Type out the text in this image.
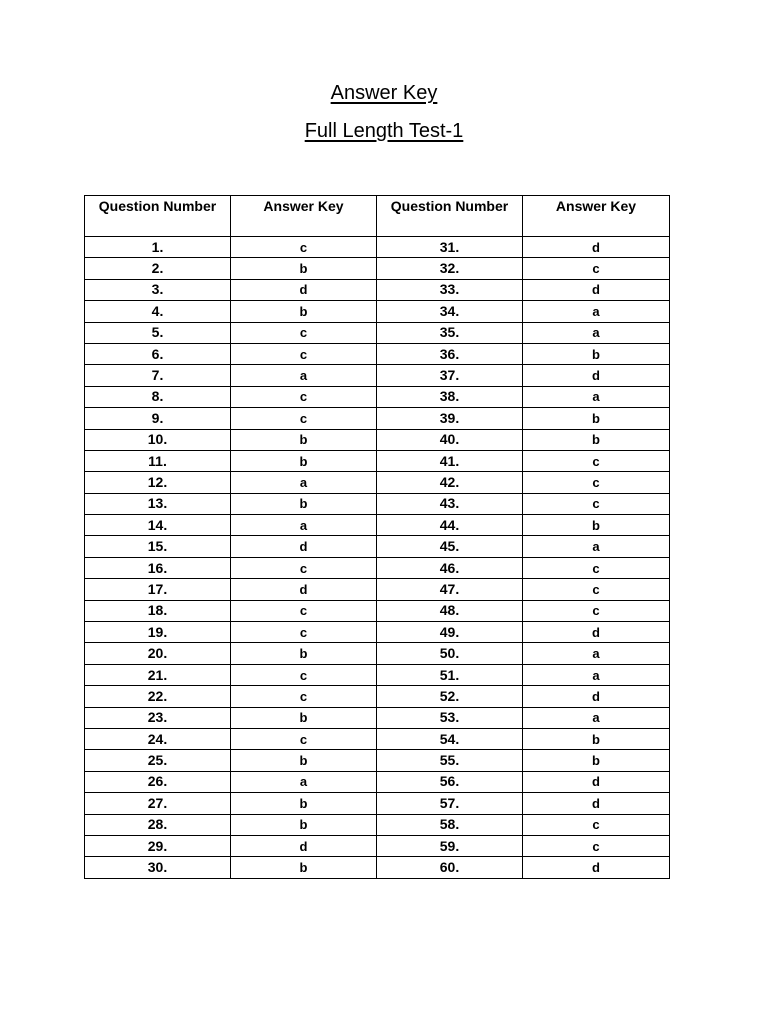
Answer Key
Full Length Test-1
Question Number	Answer Key	Question Number	Answer Key
1.	c	31.	d
2.	b	32.	c
3.	d	33.	d
4.	b	34.	a
5.	c	35.	a
6.	c	36.	b
7.	a	37.	d
8.	c	38.	a
9.	c	39.	b
10.	b	40.	b
11.	b	41.	c
12.	a	42.	c
13.	b	43.	c
14.	a	44.	b
15.	d	45.	a
16.	c	46.	c
17.	d	47.	c
18.	c	48.	c
19.	c	49.	d
20.	b	50.	a
21.	c	51.	a
22.	c	52.	d
23.	b	53.	a
24.	c	54.	b
25.	b	55.	b
26.	a	56.	d
27.	b	57.	d
28.	b	58.	c
29.	d	59.	c
30.	b	60.	d
